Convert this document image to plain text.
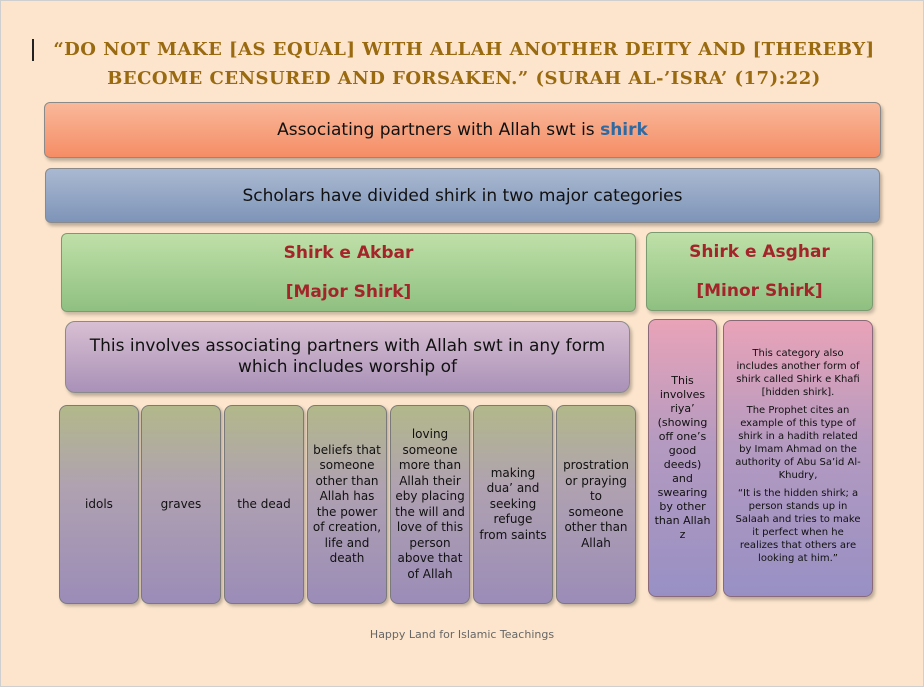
“DO NOT MAKE [AS EQUAL] WITH ALLAH ANOTHER DEITY AND [THEREBY] BECOME CENSURED AND FORSAKEN.” (SURAH AL-’ISRA’ (17):22)
Associating partners with Allah swt is shirk
Scholars have divided shirk in two major categories
Shirk e Akbar
[Major Shirk]
Shirk e Asghar
[Minor Shirk]
This involves associating partners with Allah swt in any form which includes worship of
idols	graves	the dead
beliefs that someone other than Allah has the power of creation, life and death
loving someone more than Allah their eby placing the will and love of this person above that of Allah
making dua’ and seeking refuge from saints
prostration or praying to someone other than Allah
This involves riya’ (showing off one’s good deeds) and swearing by other than Allah z

This category also includes another form of shirk called Shirk e Khafi [hidden shirk].

The Prophet cites an example of this type of shirk in a hadith related by Imam Ahmad on the authority of Abu Sa’id Al-Khudry,

“It is the hidden shirk; a person stands up in Salaah and tries to make it perfect when he realizes that others are looking at him.”

Happy Land for Islamic Teachings
